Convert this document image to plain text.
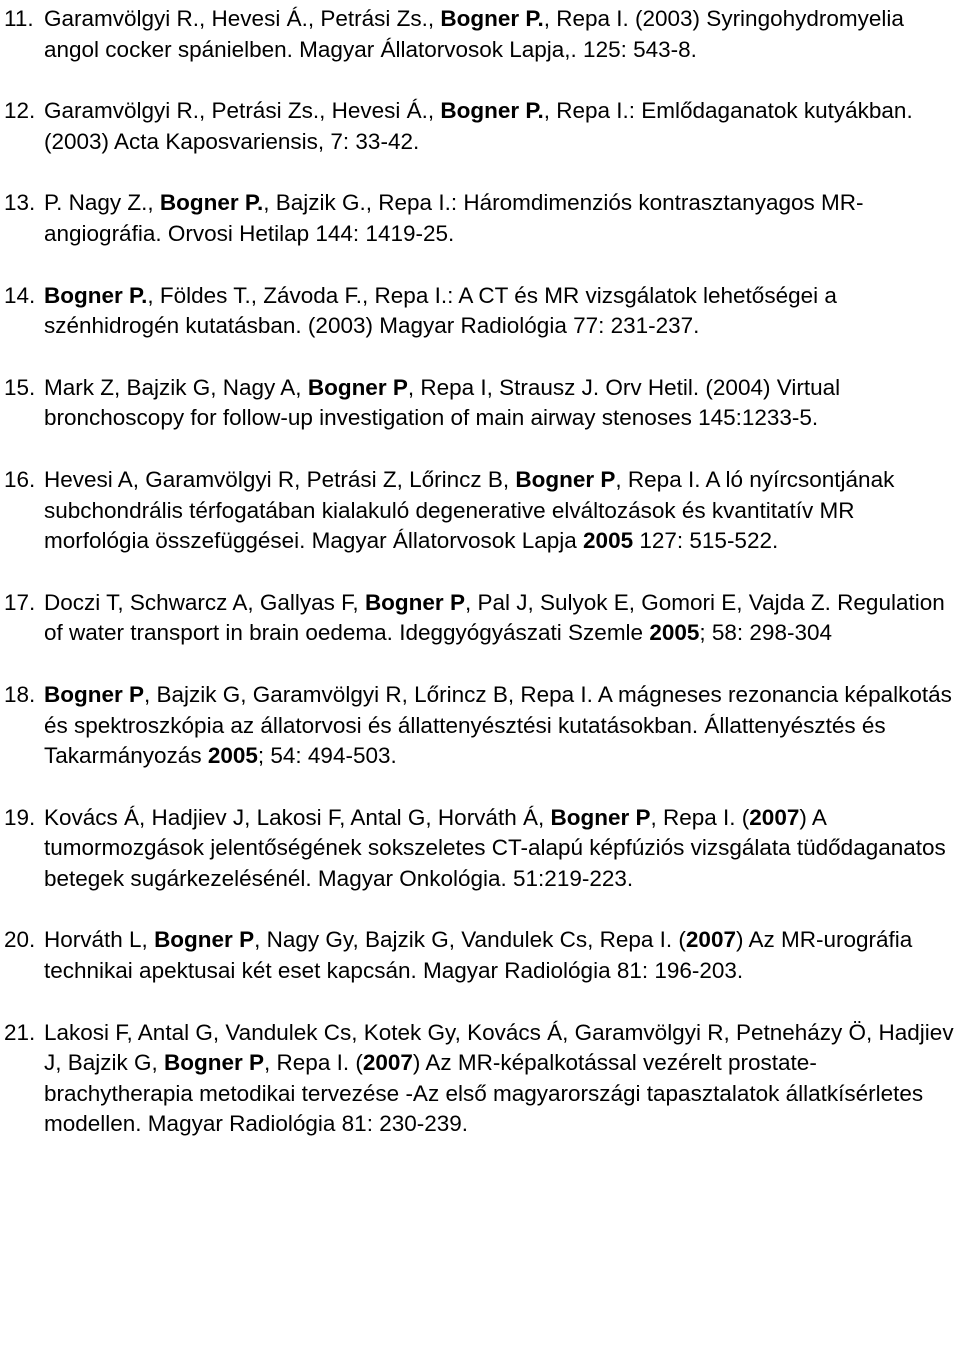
11. Garamvölgyi R., Hevesi Á., Petrási Zs., Bogner P., Repa I. (2003) Syringohydromyelia angol cocker spánielben. Magyar Állatorvosok Lapja,. 125: 543-8.
12. Garamvölgyi R., Petrási Zs., Hevesi Á., Bogner P., Repa I.: Emlődaganatok kutyákban. (2003) Acta Kaposvariensis, 7: 33-42.
13. P. Nagy Z., Bogner P., Bajzik G., Repa I.: Háromdimenziós kontrasztanyagos MR-angiográfia. Orvosi Hetilap 144: 1419-25.
14. Bogner P., Földes T., Závoda F., Repa I.: A CT és MR vizsgálatok lehetőségei a szénhidrogén kutatásban. (2003) Magyar Radiológia 77: 231-237.
15. Mark Z, Bajzik G, Nagy A, Bogner P, Repa I, Strausz J. Orv Hetil. (2004) Virtual bronchoscopy for follow-up investigation of main airway stenoses 145:1233-5.
16. Hevesi A, Garamvölgyi R, Petrási Z, Lőrincz B, Bogner P, Repa I. A ló nyírcsontjának subchondrális térfogatában kialakuló degenerative elváltozások és kvantitatív MR morfológia összefüggései. Magyar Állatorvosok Lapja 2005 127: 515-522.
17. Doczi T, Schwarcz A, Gallyas F, Bogner P, Pal J, Sulyok E, Gomori E, Vajda Z. Regulation of water transport in brain oedema. Ideggyógyászati Szemle 2005; 58: 298-304
18. Bogner P, Bajzik G, Garamvölgyi R, Lőrincz B, Repa I. A mágneses rezonancia képalkotás és spektroszkópia az állatorvosi és állattenyésztési kutatásokban. Állattenyésztés és Takarmányozás 2005; 54: 494-503.
19. Kovács Á, Hadjiev J, Lakosi F, Antal G, Horváth Á, Bogner P, Repa I. (2007) A tumormozgások jelentőségének sokszeletes CT-alapú képfúziós vizsgálata tüdődaganatos betegek sugárkezelésénél. Magyar Onkológia. 51:219-223.
20. Horváth L, Bogner P, Nagy Gy, Bajzik G, Vandulek Cs, Repa I. (2007) Az MR-urográfia technikai apektusai két eset kapcsán. Magyar Radiológia 81: 196-203.
21. Lakosi F, Antal G, Vandulek Cs, Kotek Gy, Kovács Á, Garamvölgyi R, Petneházy Ö, Hadjiev J, Bajzik G, Bogner P, Repa I. (2007) Az MR-képalkotással vezérelt prostate-brachytherapia metodikai tervezése -Az első magyarországi tapasztalatok állatkísérletes modellen. Magyar Radiológia 81: 230-239.
